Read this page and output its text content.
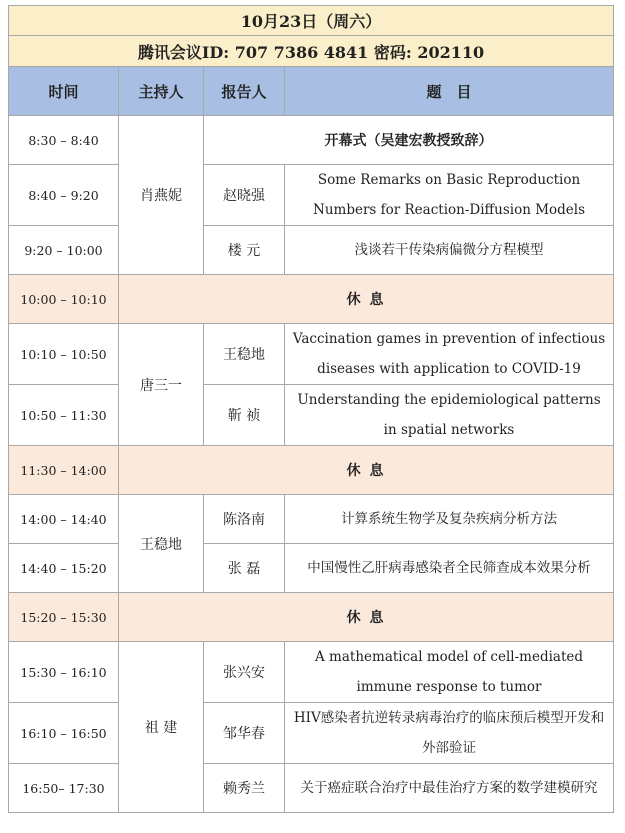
10月23日（周六）			
腾讯会议ID: 707 7386 4841 密码: 202110			
时间	主持人	报告人	题　目
8:30 – 8:40	肖燕妮	开幕式（吴建宏教授致辞）	
8:40 – 9:20		赵晓强	Some Remarks on Basic Reproduction Numbers for Reaction-Diffusion Models
9:20 – 10:00		楼 元	浅谈若干传染病偏微分方程模型
10:00 – 10:10	休 息		
10:10 – 10:50	唐三一	王稳地	Vaccination games in prevention of infectious diseases with application to COVID-19
10:50 – 11:30		靳 祯	Understanding the epidemiological patterns in spatial networks
11:30 – 14:00	休 息		
14:00 – 14:40	王稳地	陈洛南	计算系统生物学及复杂疾病分析方法
14:40 – 15:20		张 磊	中国慢性乙肝病毒感染者全民筛查成本效果分析
15:20 – 15:30	休 息		
15:30 – 16:10	祖 建	张兴安	A mathematical model of cell-mediated immune response to tumor
16:10 – 16:50		邹华春	HIV感染者抗逆转录病毒治疗的临床预后模型开发和外部验证
16:50– 17:30		赖秀兰	关于癌症联合治疗中最佳治疗方案的数学建模研究
